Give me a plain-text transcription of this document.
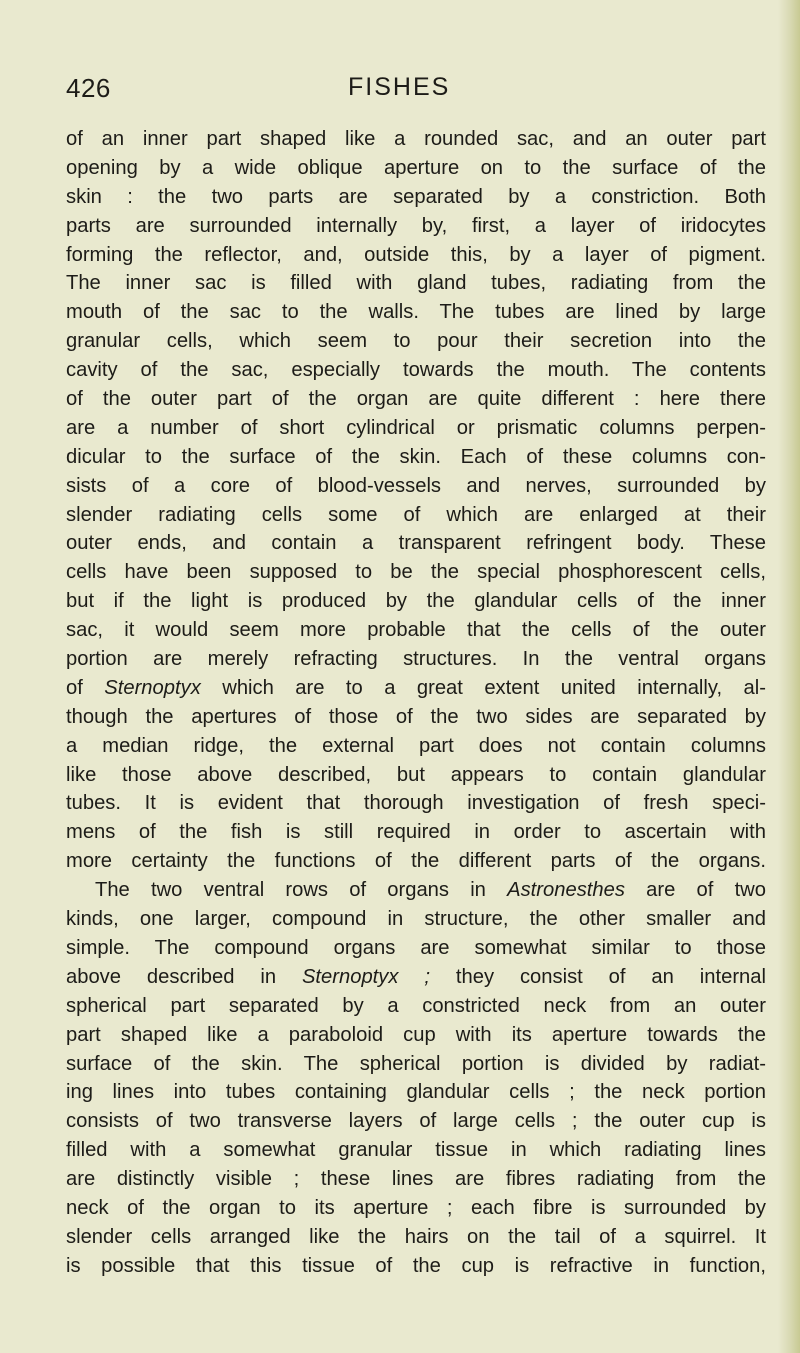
426	FISHES
of an inner part shaped like a rounded sac, and an outer part
opening by a wide oblique aperture on to the surface of the
skin : the two parts are separated by a constriction. Both
parts are surrounded internally by, first, a layer of iridocytes
forming the reflector, and, outside this, by a layer of pigment.
The inner sac is filled with gland tubes, radiating from the
mouth of the sac to the walls. The tubes are lined by large
granular cells, which seem to pour their secretion into the
cavity of the sac, especially towards the mouth. The contents
of the outer part of the organ are quite different : here there
are a number of short cylindrical or prismatic columns perpen-
dicular to the surface of the skin. Each of these columns con-
sists of a core of blood-vessels and nerves, surrounded by
slender radiating cells some of which are enlarged at their
outer ends, and contain a transparent refringent body. These
cells have been supposed to be the special phosphorescent cells,
but if the light is produced by the glandular cells of the inner
sac, it would seem more probable that the cells of the outer
portion are merely refracting structures. In the ventral organs
of Sternoptyx which are to a great extent united internally, al-
though the apertures of those of the two sides are separated by
a median ridge, the external part does not contain columns
like those above described, but appears to contain glandular
tubes. It is evident that thorough investigation of fresh speci-
mens of the fish is still required in order to ascertain with
more certainty the functions of the different parts of the organs.
The two ventral rows of organs in Astronesthes are of two
kinds, one larger, compound in structure, the other smaller and
simple. The compound organs are somewhat similar to those
above described in Sternoptyx ; they consist of an internal
spherical part separated by a constricted neck from an outer
part shaped like a paraboloid cup with its aperture towards the
surface of the skin. The spherical portion is divided by radiat-
ing lines into tubes containing glandular cells ; the neck portion
consists of two transverse layers of large cells ; the outer cup is
filled with a somewhat granular tissue in which radiating lines
are distinctly visible ; these lines are fibres radiating from the
neck of the organ to its aperture ; each fibre is surrounded by
slender cells arranged like the hairs on the tail of a squirrel. It
is possible that this tissue of the cup is refractive in function,
